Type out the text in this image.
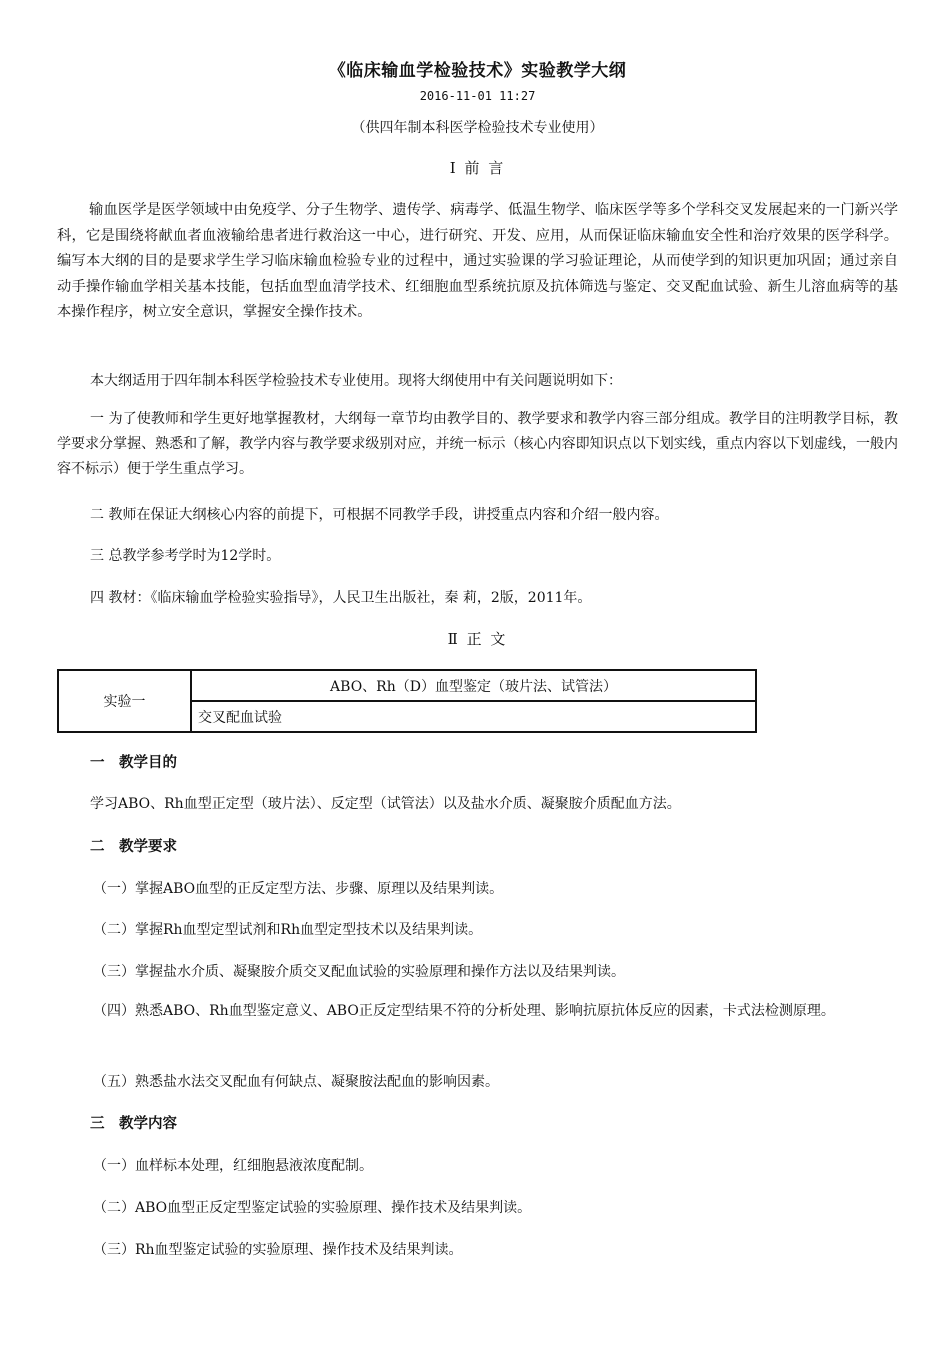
《临床输血学检验技术》实验教学大纲
2016-11-01 11:27
（供四年制本科医学检验技术专业使用）
Ⅰ 前 言
输血医学是医学领域中由免疫学、分子生物学、遗传学、病毒学、低温生物学、临床医学等多个学科交叉发展起来的一门新兴学科，它是围绕将献血者血液输给患者进行救治这一中心，进行研究、开发、应用，从而保证临床输血安全性和治疗效果的医学科学。编写本大纲的目的是要求学生学习临床输血检验专业的过程中，通过实验课的学习验证理论，从而使学到的知识更加巩固；通过亲自动手操作输血学相关基本技能，包括血型血清学技术、红细胞血型系统抗原及抗体筛选与鉴定、交叉配血试验、新生儿溶血病等的基本操作程序，树立安全意识，掌握安全操作技术。
本大纲适用于四年制本科医学检验技术专业使用。现将大纲使用中有关问题说明如下：
一 为了使教师和学生更好地掌握教材，大纲每一章节均由教学目的、教学要求和教学内容三部分组成。教学目的注明教学目标，教学要求分掌握、熟悉和了解，教学内容与教学要求级别对应，并统一标示（核心内容即知识点以下划实线，重点内容以下划虚线，一般内容不标示）便于学生重点学习。
二 教师在保证大纲核心内容的前提下，可根据不同教学手段，讲授重点内容和介绍一般内容。
三 总教学参考学时为12学时。
四 教材：《临床输血学检验实验指导》，人民卫生出版社，秦 莉，2版，2011年。
Ⅱ 正 文
实验一	ABO、Rh（D）血型鉴定（玻片法、试管法）
交叉配血试验
一　教学目的
学习ABO、Rh血型正定型（玻片法）、反定型（试管法）以及盐水介质、凝聚胺介质配血方法。
二　教学要求
（一）掌握ABO血型的正反定型方法、步骤、原理以及结果判读。
（二）掌握Rh血型定型试剂和Rh血型定型技术以及结果判读。
（三）掌握盐水介质、凝聚胺介质交叉配血试验的实验原理和操作方法以及结果判读。
（四）熟悉ABO、Rh血型鉴定意义、ABO正反定型结果不符的分析处理、影响抗原抗体反应的因素，卡式法检测原理。
（五）熟悉盐水法交叉配血有何缺点、凝聚胺法配血的影响因素。
三　教学内容
（一）血样标本处理，红细胞悬液浓度配制。
（二）ABO血型正反定型鉴定试验的实验原理、操作技术及结果判读。
（三）Rh血型鉴定试验的实验原理、操作技术及结果判读。
